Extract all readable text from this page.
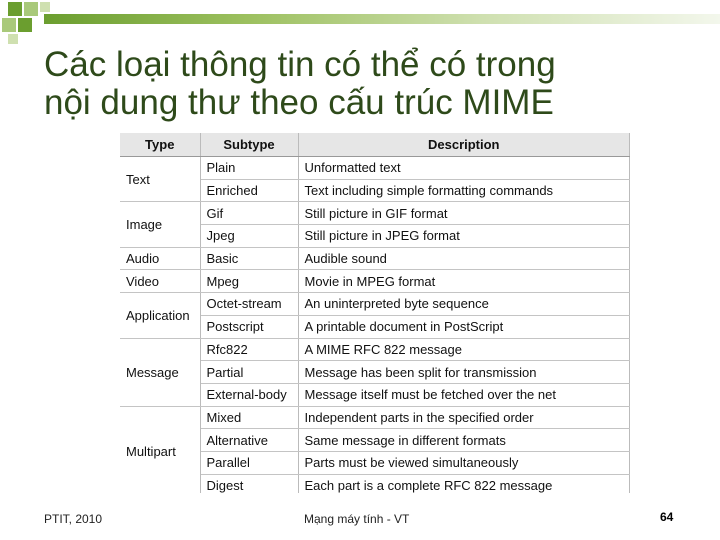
Các loại thông tin có thể có trong
nội dung thư theo cấu trúc MIME
Type	Subtype	Description
Text	Plain	Unformatted text
	Enriched	Text including simple formatting commands
Image	Gif	Still picture in GIF format
	Jpeg	Still picture in JPEG format
Audio	Basic	Audible sound
Video	Mpeg	Movie in MPEG format
Application	Octet-stream	An uninterpreted byte sequence
	Postscript	A printable document in PostScript
Message	Rfc822	A MIME RFC 822 message
	Partial	Message has been split for transmission
	External-body	Message itself must be fetched over the net
Multipart	Mixed	Independent parts in the specified order
	Alternative	Same message in different formats
	Parallel	Parts must be viewed simultaneously
	Digest	Each part is a complete RFC 822 message
PTIT, 2010	Mạng máy tính - VT	64
